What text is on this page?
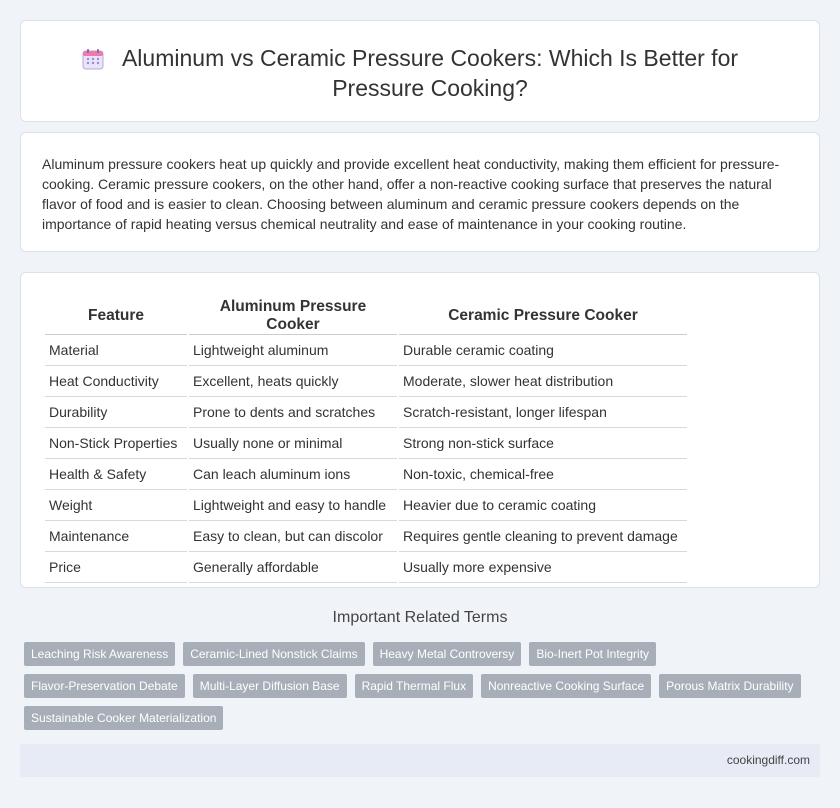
Aluminum vs Ceramic Pressure Cookers: Which Is Better for Pressure Cooking?

Aluminum pressure cookers heat up quickly and provide excellent heat conductivity, making them efficient for pressure-cooking. Ceramic pressure cookers, on the other hand, offer a non-reactive cooking surface that preserves the natural flavor of food and is easier to clean. Choosing between aluminum and ceramic pressure cookers depends on the importance of rapid heating versus chemical neutrality and ease of maintenance in your cooking routine.

Feature	Aluminum Pressure Cooker	Ceramic Pressure Cooker
Material	Lightweight aluminum	Durable ceramic coating
Heat Conductivity	Excellent, heats quickly	Moderate, slower heat distribution
Durability	Prone to dents and scratches	Scratch-resistant, longer lifespan
Non-Stick Properties	Usually none or minimal	Strong non-stick surface
Health & Safety	Can leach aluminum ions	Non-toxic, chemical-free
Weight	Lightweight and easy to handle	Heavier due to ceramic coating
Maintenance	Easy to clean, but can discolor	Requires gentle cleaning to prevent damage
Price	Generally affordable	Usually more expensive
Important Related Terms
Leaching Risk Awareness	Ceramic-Lined Nonstick Claims	Heavy Metal Controversy	Bio-Inert Pot Integrity
Flavor-Preservation Debate	Multi-Layer Diffusion Base	Rapid Thermal Flux	Nonreactive Cooking Surface	Porous Matrix Durability
Sustainable Cooker Materialization
cookingdiff.com
